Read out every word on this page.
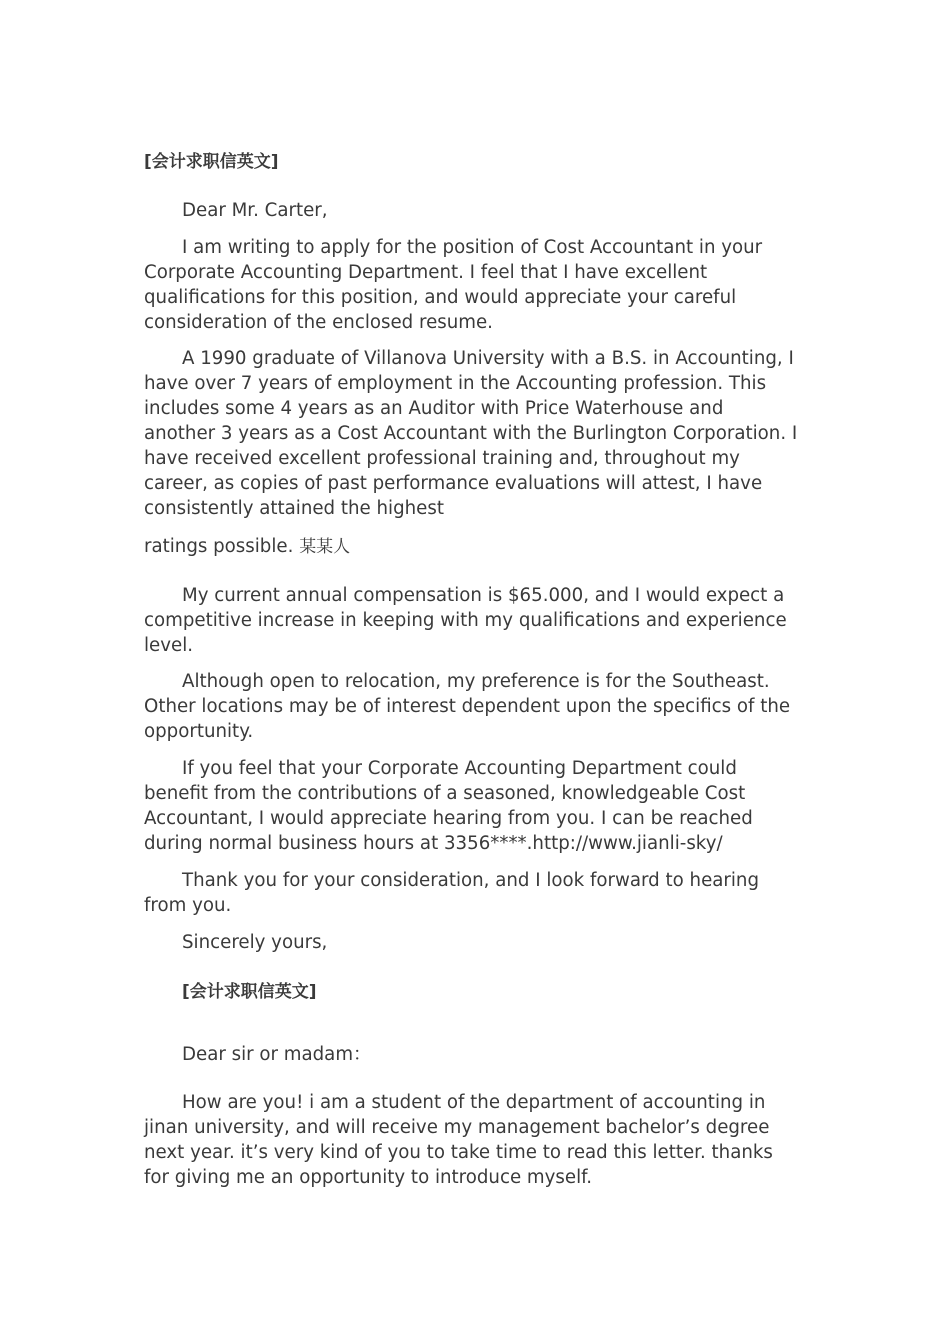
[会计求职信英文]

Dear Mr. Carter,

I am writing to apply for the position of Cost Accountant in your Corporate Accounting Department. I feel that I have excellent qualifications for this position, and would appreciate your careful consideration of the enclosed resume.

A 1990 graduate of Villanova University with a B.S. in Accounting, I have over 7 years of employment in the Accounting profession. This includes some 4 years as an Auditor with Price Waterhouse and another 3 years as a Cost Accountant with the Burlington Corporation. I have received excellent professional training and, throughout my career, as copies of past performance evaluations will attest, I have consistently attained the highest

ratings possible. 某某人

My current annual compensation is $65.000, and I would expect a competitive increase in keeping with my qualifications and experience level.

Although open to relocation, my preference is for the Southeast. Other locations may be of interest dependent upon the specifics of the opportunity.

If you feel that your Corporate Accounting Department could benefit from the contributions of a seasoned, knowledgeable Cost Accountant, I would appreciate hearing from you. I can be reached during normal business hours at 3356****.http://www.jianli-sky/

Thank you for your consideration, and I look forward to hearing from you.

Sincerely yours,

[会计求职信英文]

Dear sir or madam：

How are you! i am a student of the department of accounting in jinan university, and will receive my management bachelor’s degree next year. it’s very kind of you to take time to read this letter. thanks for giving me an opportunity to introduce myself.
